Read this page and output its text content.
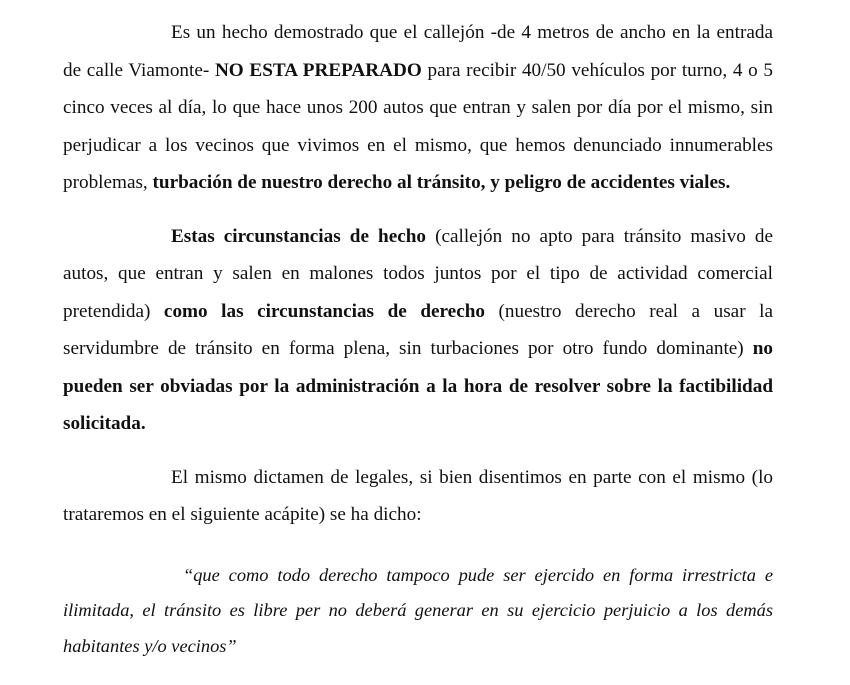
Es un hecho demostrado que el callejón -de 4 metros de ancho en la entrada de calle Viamonte- NO ESTA PREPARADO para recibir 40/50 vehículos por turno, 4 o 5 cinco veces al día, lo que hace unos 200 autos que entran y salen por día por el mismo, sin perjudicar a los vecinos que vivimos en el mismo, que hemos denunciado innumerables problemas, turbación de nuestro derecho al tránsito, y peligro de accidentes viales.

Estas circunstancias de hecho (callejón no apto para tránsito masivo de autos, que entran y salen en malones todos juntos por el tipo de actividad comercial pretendida) como las circunstancias de derecho (nuestro derecho real a usar la servidumbre de tránsito en forma plena, sin turbaciones por otro fundo dominante) no pueden ser obviadas por la administración a la hora de resolver sobre la factibilidad solicitada.

El mismo dictamen de legales, si bien disentimos en parte con el mismo (lo trataremos en el siguiente acápite) se ha dicho:

“que como todo derecho tampoco pude ser ejercido en forma irrestricta e ilimitada, el tránsito es libre per no deberá generar en su ejercicio perjuicio a los demás habitantes y/o vecinos”
